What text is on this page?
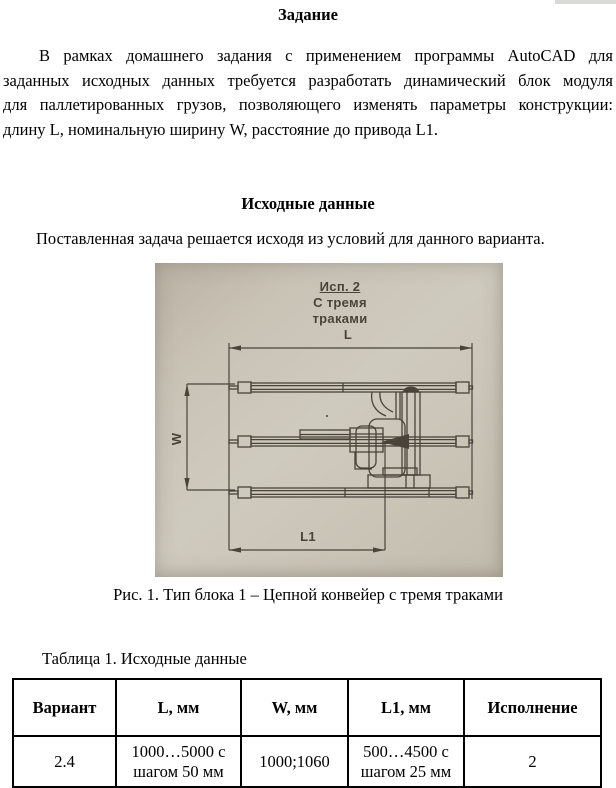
Задание
В рамках домашнего задания с применением программы AutoCAD для
заданных исходных данных требуется разработать динамический блок модуля
для паллетированных грузов, позволяющего изменять параметры конструкции:
длину L, номинальную ширину W, расстояние до привода L1.
Исходные данные
Поставленная задача решается исходя из условий для данного варианта.
Исп. 2
С тремя
траками
L
W
L1
Рис. 1. Тип блока 1 – Цепной конвейер с тремя траками
Таблица 1. Исходные данные
Вариант	L, мм	W, мм	L1, мм	Исполнение
2.4	1000…5000 с шагом 50 мм	1000;1060	500…4500 с шагом 25 мм	2
